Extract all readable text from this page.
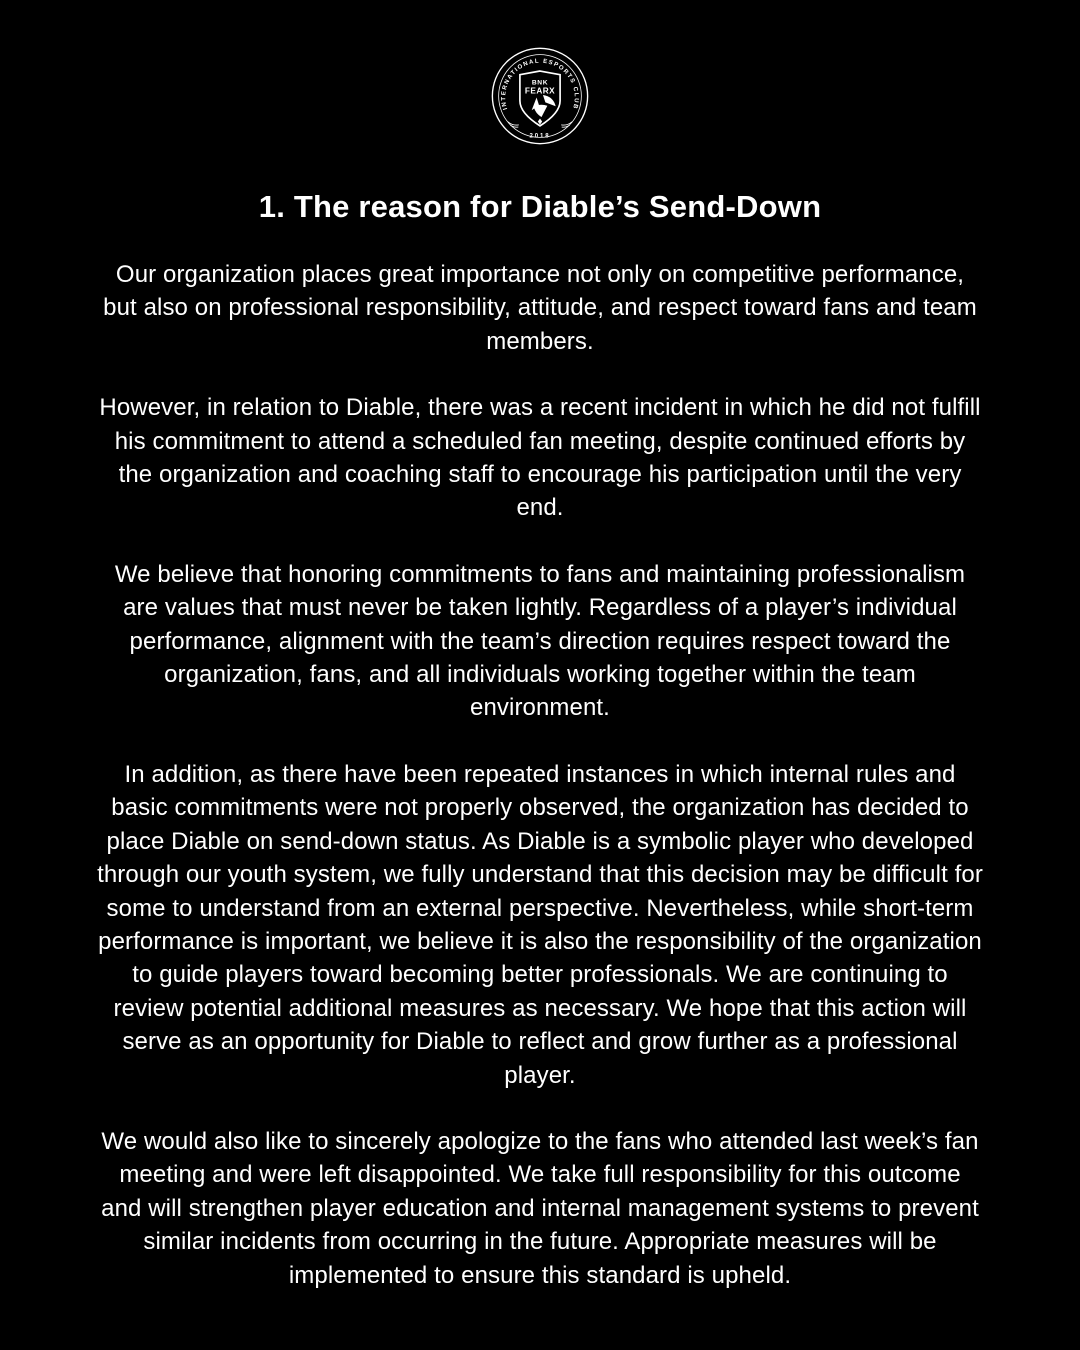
INTERNATIONAL ESPORTS CLUB
BNK
FEARX
2018
1. The reason for Diable’s Send-Down

Our organization places great importance not only on competitive performance, but also on professional responsibility, attitude, and respect toward fans and team members.

However, in relation to Diable, there was a recent incident in which he did not fulfill his commitment to attend a scheduled fan meeting, despite continued efforts by the organization and coaching staff to encourage his participation until the very end.

We believe that honoring commitments to fans and maintaining professionalism are values that must never be taken lightly. Regardless of a player’s individual performance, alignment with the team’s direction requires respect toward the organization, fans, and all individuals working together within the team environment.

In addition, as there have been repeated instances in which internal rules and basic commitments were not properly observed, the organization has decided to place Diable on send-down status. As Diable is a symbolic player who developed through our youth system, we fully understand that this decision may be difficult for some to understand from an external perspective. Nevertheless, while short-term performance is important, we believe it is also the responsibility of the organization to guide players toward becoming better professionals. We are continuing to review potential additional measures as necessary. We hope that this action will serve as an opportunity for Diable to reflect and grow further as a professional player.

We would also like to sincerely apologize to the fans who attended last week’s fan meeting and were left disappointed. We take full responsibility for this outcome and will strengthen player education and internal management systems to prevent similar incidents from occurring in the future. Appropriate measures will be implemented to ensure this standard is upheld.
